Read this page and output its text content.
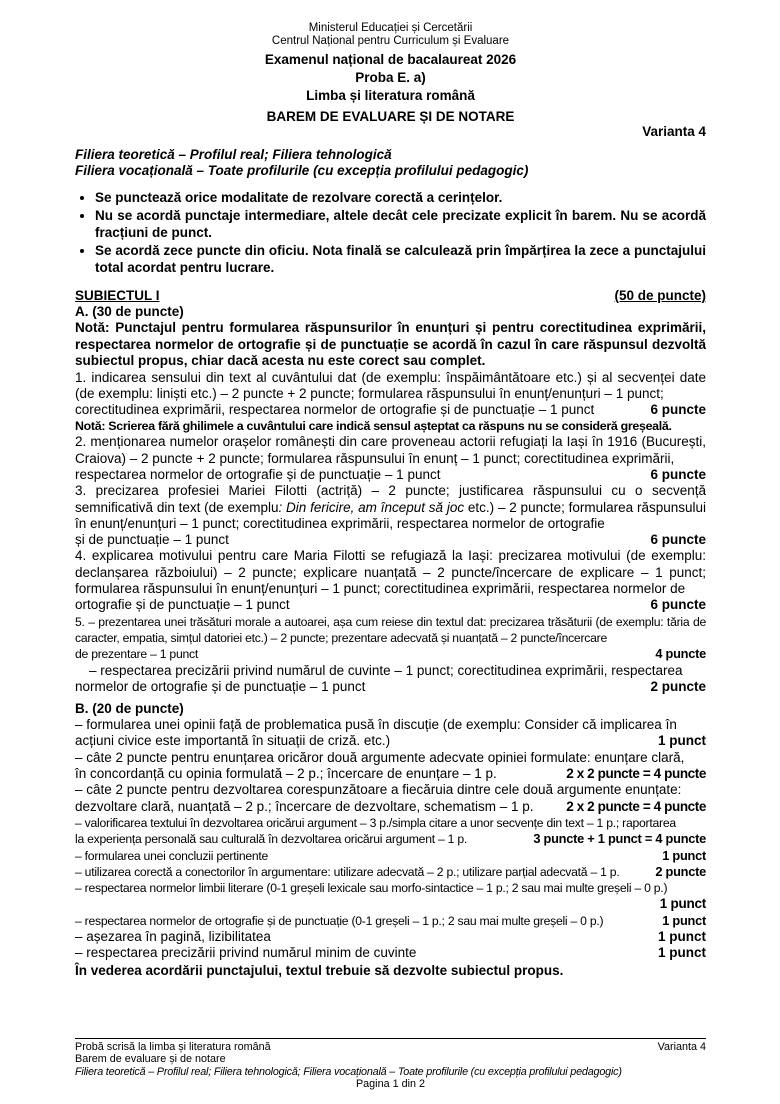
Ministerul Educației și Cercetării
Centrul Național pentru Curriculum și Evaluare
Examenul național de bacalaureat 2026
Proba E. a)
Limba și literatura română
BAREM DE EVALUARE ȘI DE NOTARE
Varianta 4
Filiera teoretică – Profilul real; Filiera tehnologică
Filiera vocațională – Toate profilurile (cu excepția profilului pedagogic)
• Se punctează orice modalitate de rezolvare corectă a cerințelor.
• Nu se acordă punctaje intermediare, altele decât cele precizate explicit în barem. Nu se acordă fracțiuni de punct.
• Se acordă zece puncte din oficiu. Nota finală se calculează prin împărțirea la zece a punctajului total acordat pentru lucrare.
SUBIECTUL I	(50 de puncte)
A. (30 de puncte)
Notă: Punctajul pentru formularea răspunsurilor în enunțuri și pentru corectitudinea exprimării, respectarea normelor de ortografie și de punctuație se acordă în cazul în care răspunsul dezvoltă subiectul propus, chiar dacă acesta nu este corect sau complet.
1. indicarea sensului din text al cuvântului dat (de exemplu: înspăimântătoare etc.) și al secvenței date (de exemplu: liniști etc.) – 2 puncte + 2 puncte; formularea răspunsului în enunț/enunțuri – 1 punct;
corectitudinea exprimării, respectarea normelor de ortografie și de punctuație – 1 punct	6 puncte
Notă: Scrierea fără ghilimele a cuvântului care indică sensul așteptat ca răspuns nu se consideră greșeală.
2. menționarea numelor orașelor românești din care proveneau actorii refugiați la Iași în 1916 (București, Craiova) – 2 puncte + 2 puncte; formularea răspunsului în enunț – 1 punct; corectitudinea exprimării,
respectarea normelor de ortografie și de punctuație – 1 punct	6 puncte
3. precizarea profesiei Mariei Filotti (actriță) – 2 puncte; justificarea răspunsului cu o secvență semnificativă din text (de exemplu: Din fericire, am început să joc etc.) – 2 puncte; formularea răspunsului în enunț/enunțuri – 1 punct; corectitudinea exprimării, respectarea normelor de ortografie
și de punctuație – 1 punct	6 puncte
4. explicarea motivului pentru care Maria Filotti se refugiază la Iași: precizarea motivului (de exemplu: declanșarea războiului) – 2 puncte; explicare nuanțată – 2 puncte/încercare de explicare – 1 punct; formularea răspunsului în enunț/enunțuri – 1 punct; corectitudinea exprimării, respectarea normelor de
ortografie și de punctuație – 1 punct	6 puncte
5. – prezentarea unei trăsături morale a autoarei, așa cum reiese din textul dat: precizarea trăsăturii (de exemplu: tăria de caracter, empatia, simțul datoriei etc.) – 2 puncte; prezentare adecvată și nuanțată – 2 puncte/încercare
de prezentare – 1 punct	4 puncte
– respectarea precizării privind numărul de cuvinte – 1 punct; corectitudinea exprimării, respectarea
normelor de ortografie și de punctuație – 1 punct	2 puncte
B. (20 de puncte)
– formularea unei opinii față de problematica pusă în discuție (de exemplu: Consider că implicarea în
acțiuni civice este importantă în situații de criză. etc.)	1 punct
– câte 2 puncte pentru enunțarea oricăror două argumente adecvate opiniei formulate: enunțare clară,
în concordanță cu opinia formulată – 2 p.; încercare de enunțare – 1 p.	2 x 2 puncte = 4 puncte
– câte 2 puncte pentru dezvoltarea corespunzătoare a fiecăruia dintre cele două argumente enunțate:
dezvoltare clară, nuanțată – 2 p.; încercare de dezvoltare, schematism – 1 p. 2 x 2 puncte = 4 puncte
– valorificarea textului în dezvoltarea oricărui argument – 3 p./simpla citare a unor secvențe din text – 1 p.; raportarea
la experiența personală sau culturală în dezvoltarea oricărui argument – 1 p.	3 puncte + 1 punct = 4 puncte
– formularea unei concluzii pertinente	1 punct
– utilizarea corectă a conectorilor în argumentare: utilizare adecvată – 2 p.; utilizare parțial adecvată – 1 p.	2 puncte
– respectarea normelor limbii literare (0-1 greșeli lexicale sau morfo-sintactice – 1 p.; 2 sau mai multe greșeli – 0 p.)
1 punct
– respectarea normelor de ortografie și de punctuație (0-1 greșeli – 1 p.; 2 sau mai multe greșeli – 0 p.)	1 punct
– așezarea în pagină, lizibilitatea	1 punct
– respectarea precizării privind numărul minim de cuvinte	1 punct
În vederea acordării punctajului, textul trebuie să dezvolte subiectul propus.
Probă scrisă la limba și literatura română	Varianta 4
Barem de evaluare și de notare
Filiera teoretică – Profilul real; Filiera tehnologică; Filiera vocațională – Toate profilurile (cu excepția profilului pedagogic)
Pagina 1 din 2
